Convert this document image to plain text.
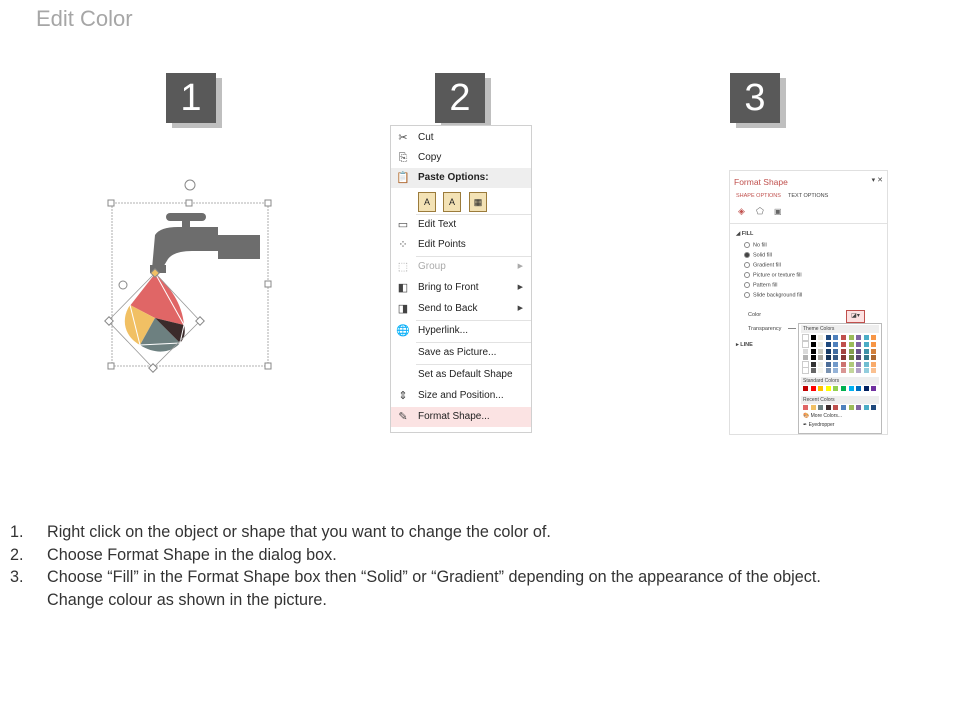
Edit Color
1	2	3
✂ Cut
⎘ Copy
📋 Paste Options:
A	A	▦
▭ Edit Text
⁘ Edit Points
⬚ Group	▶
◧ Bring to Front	▶
◨ Send to Back	▶
🌐 Hyperlink...
Save as Picture...
Set as Default Shape
⇕ Size and Position...
✎ Format Shape...
Format Shape	▾ ✕
SHAPE OPTIONS TEXT OPTIONS
◈ ⬠ ▣
◢ FILL
No fill
Solid fill
Gradient fill
Picture or texture fill
Pattern fill
Slide background fill
Color	◪▾
Transparency
▸ LINE
Theme Colors
Standard Colors
Recent Colors
🎨 More Colors...
✒ Eyedropper
1. Right click on the object or shape that you want to change the color of.
2. Choose Format Shape in the dialog box.
3. Choose “Fill” in the Format Shape box then “Solid” or “Gradient” depending on the appearance of the object.
Change colour as shown in the picture.
